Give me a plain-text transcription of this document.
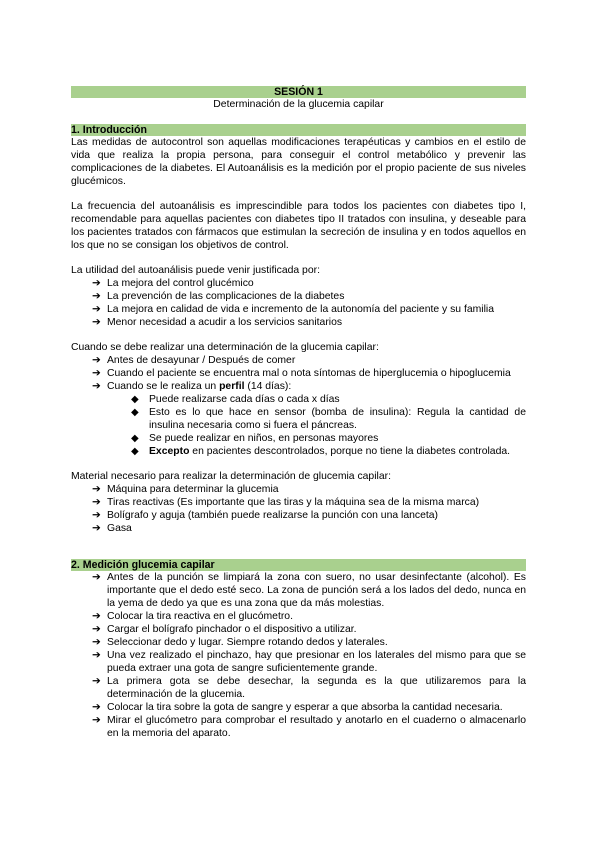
SESIÓN 1
Determinación de la glucemia capilar
1. Introducción

Las medidas de autocontrol son aquellas modificaciones terapéuticas y cambios en el estilo de vida que realiza la propia persona, para conseguir el control metabólico y prevenir las complicaciones de la diabetes. El Autoanálisis es la medición por el propio paciente de sus niveles glucémicos.

La frecuencia del autoanálisis es imprescindible para todos los pacientes con diabetes tipo I, recomendable para aquellas pacientes con diabetes tipo II tratados con insulina, y deseable para los pacientes tratados con fármacos que estimulan la secreción de insulina y en todos aquellos en los que no se consigan los objetivos de control.

La utilidad del autoanálisis puede venir justificada por:

➔ La mejora del control glucémico
➔ La prevención de las complicaciones de la diabetes
➔ La mejora en calidad de vida e incremento de la autonomía del paciente y su familia
➔ Menor necesidad a acudir a los servicios sanitarios

Cuando se debe realizar una determinación de la glucemia capilar:

➔ Antes de desayunar / Después de comer
➔ Cuando el paciente se encuentra mal o nota síntomas de hiperglucemia o hipoglucemia
➔ Cuando se le realiza un perfil (14 días):
◆ Puede realizarse cada días o cada x días
◆ Esto es lo que hace en sensor (bomba de insulina): Regula la cantidad de insulina necesaria como si fuera el páncreas.
◆ Se puede realizar en niños, en personas mayores
◆ Excepto en pacientes descontrolados, porque no tiene la diabetes controlada.

Material necesario para realizar la determinación de glucemia capilar:

➔ Máquina para determinar la glucemia
➔ Tiras reactivas (Es importante que las tiras y la máquina sea de la misma marca)
➔ Bolígrafo y aguja (también puede realizarse la punción con una lanceta)
➔ Gasa
2. Medición glucemia capilar
➔ Antes de la punción se limpiará la zona con suero, no usar desinfectante (alcohol). Es importante que el dedo esté seco. La zona de punción será a los lados del dedo, nunca en la yema de dedo ya que es una zona que da más molestias.
➔ Colocar la tira reactiva en el glucómetro.
➔ Cargar el bolígrafo pinchador o el dispositivo a utilizar.
➔ Seleccionar dedo y lugar. Siempre rotando dedos y laterales.
➔ Una vez realizado el pinchazo, hay que presionar en los laterales del mismo para que se pueda extraer una gota de sangre suficientemente grande.
➔ La primera gota se debe desechar, la segunda es la que utilizaremos para la determinación de la glucemia.
➔ Colocar la tira sobre la gota de sangre y esperar a que absorba la cantidad necesaria.
➔ Mirar el glucómetro para comprobar el resultado y anotarlo en el cuaderno o almacenarlo en la memoria del aparato.
